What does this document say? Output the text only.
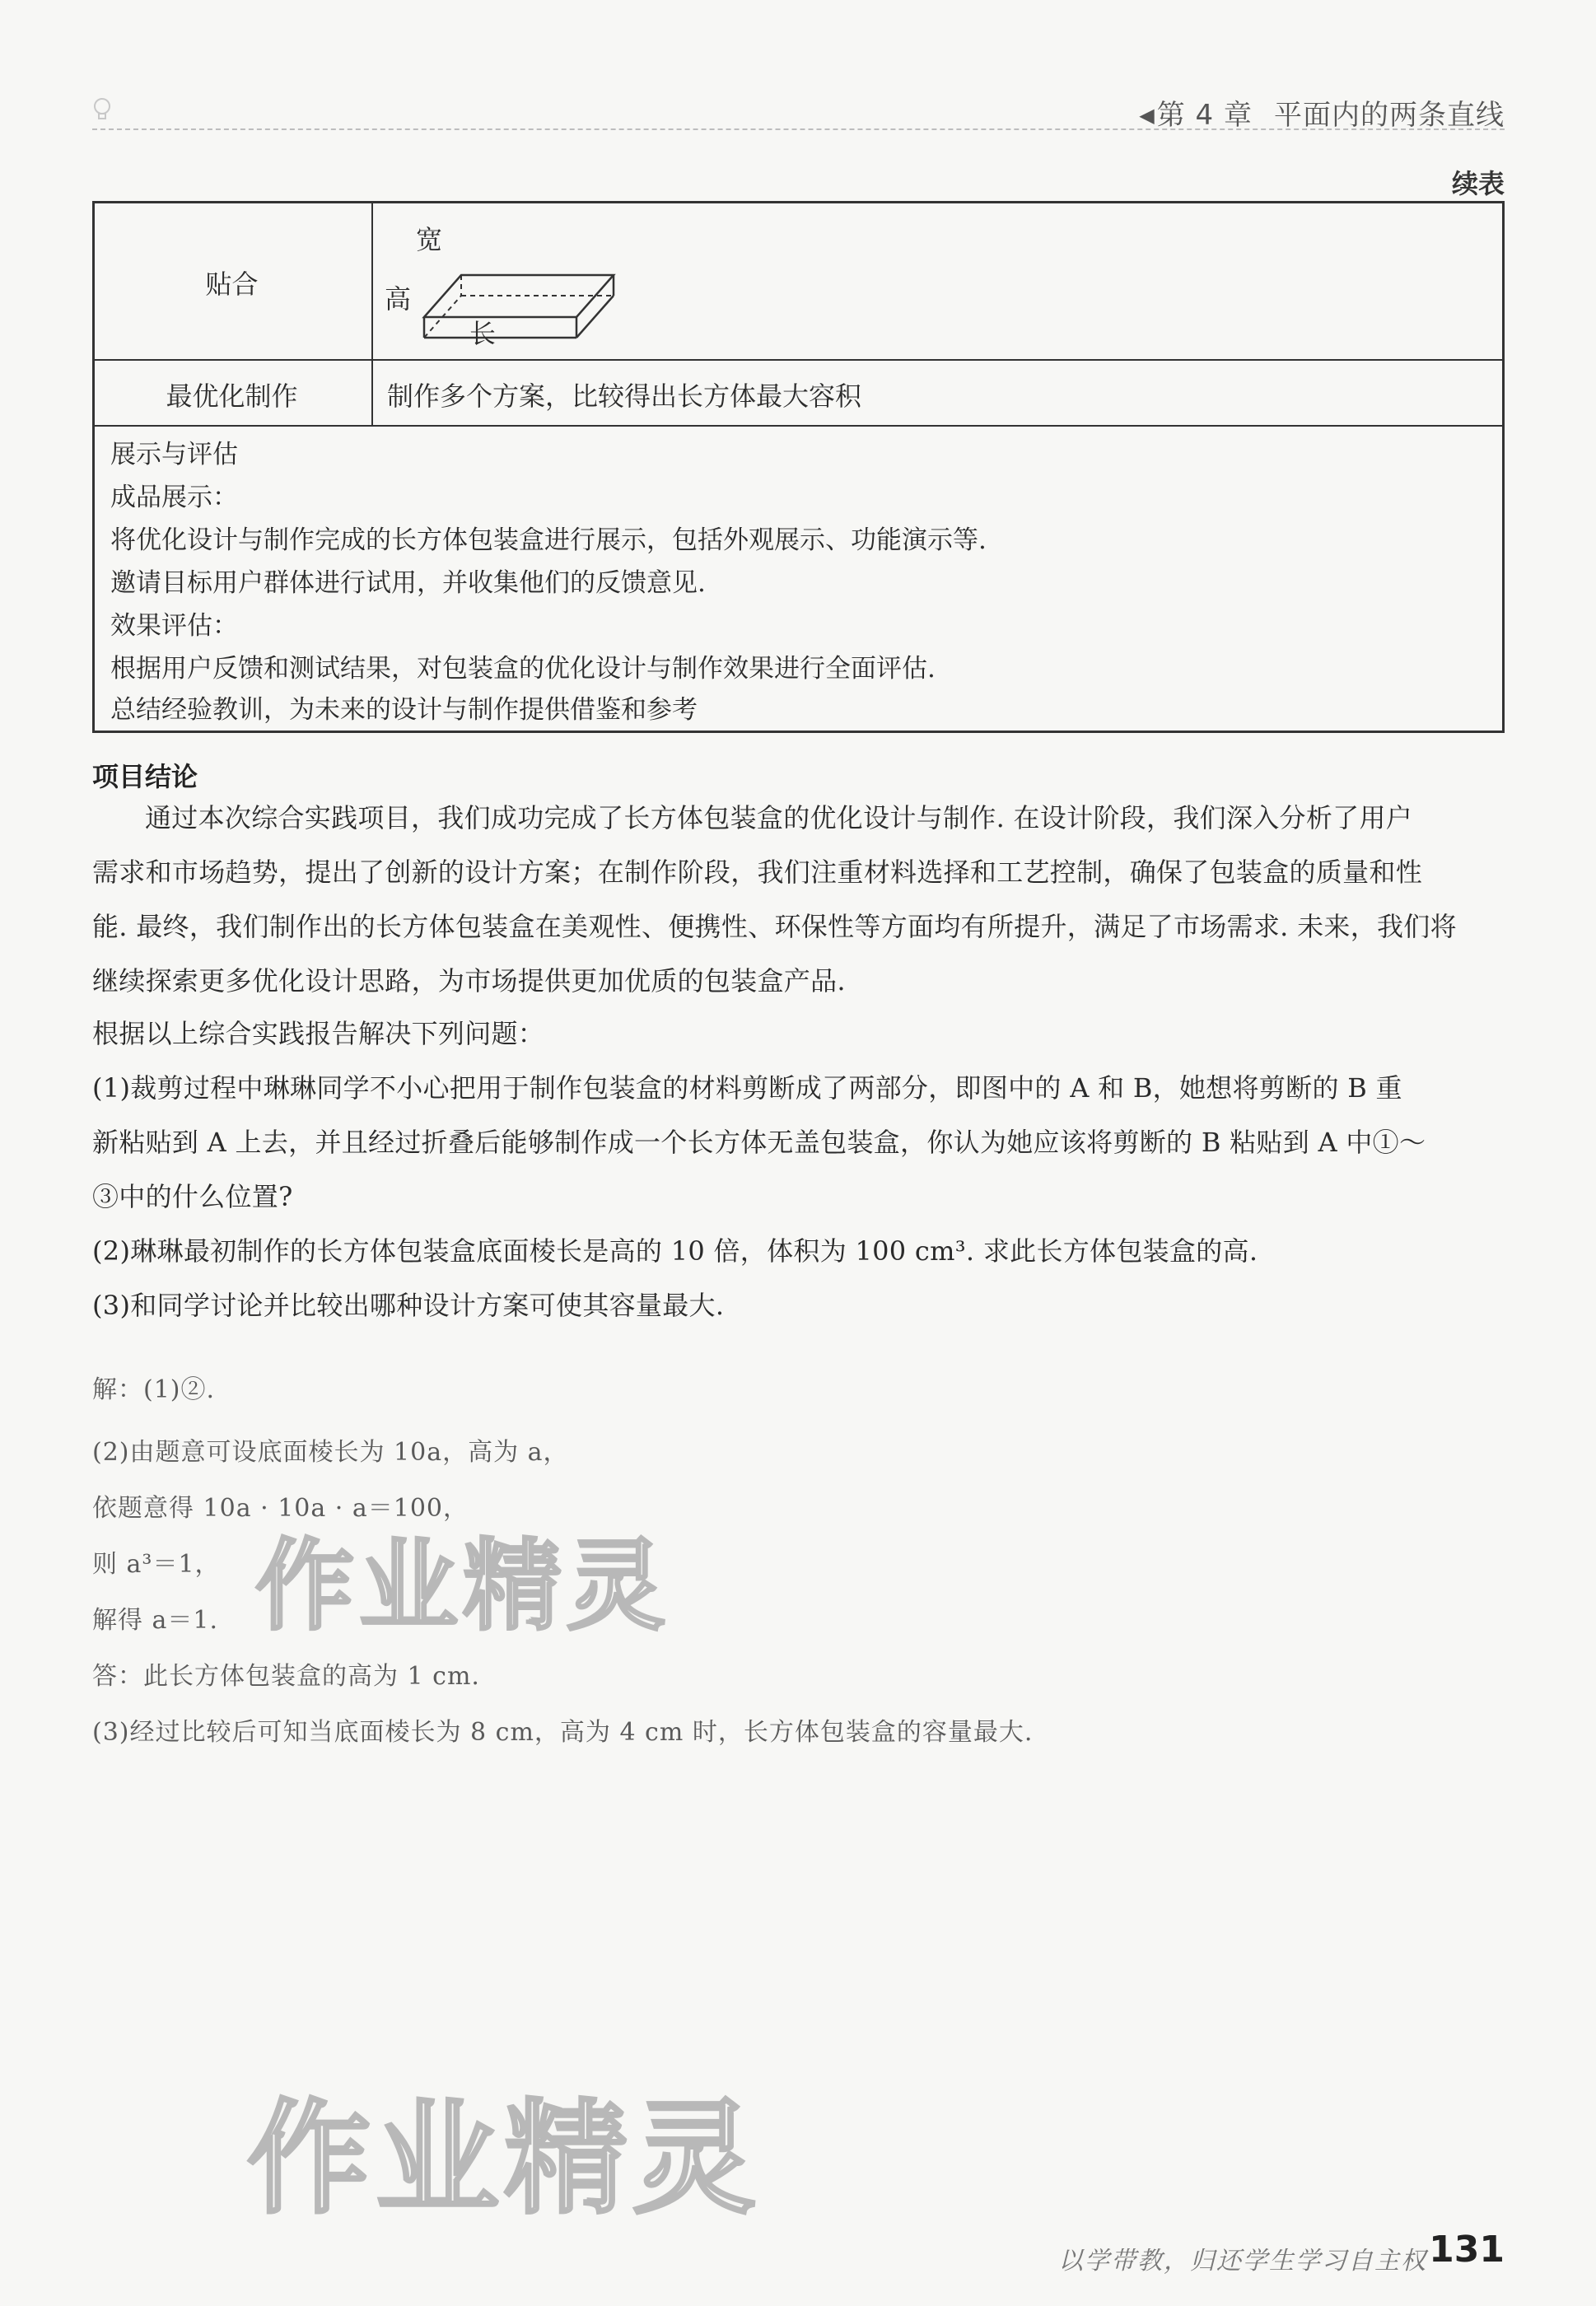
◀第 4 章 平面内的两条直线
续表
贴合
宽
高
长
最优化制作	制作多个方案，比较得出长方体最大容积
展示与评估
成品展示：
将优化设计与制作完成的长方体包装盒进行展示，包括外观展示、功能演示等.
邀请目标用户群体进行试用，并收集他们的反馈意见.
效果评估：
根据用户反馈和测试结果，对包装盒的优化设计与制作效果进行全面评估.
总结经验教训，为未来的设计与制作提供借鉴和参考
项目结论
通过本次综合实践项目，我们成功完成了长方体包装盒的优化设计与制作. 在设计阶段，我们深入分析了用户
需求和市场趋势，提出了创新的设计方案；在制作阶段，我们注重材料选择和工艺控制，确保了包装盒的质量和性
能. 最终，我们制作出的长方体包装盒在美观性、便携性、环保性等方面均有所提升，满足了市场需求. 未来，我们将
继续探索更多优化设计思路，为市场提供更加优质的包装盒产品.
根据以上综合实践报告解决下列问题：
(1)裁剪过程中琳琳同学不小心把用于制作包装盒的材料剪断成了两部分，即图中的 A 和 B，她想将剪断的 B 重
新粘贴到 A 上去，并且经过折叠后能够制作成一个长方体无盖包装盒，你认为她应该将剪断的 B 粘贴到 A 中①～
③中的什么位置?
(2)琳琳最初制作的长方体包装盒底面棱长是高的 10 倍，体积为 100 cm³. 求此长方体包装盒的高.
(3)和同学讨论并比较出哪种设计方案可使其容量最大.
解：(1)②.
(2)由题意可设底面棱长为 10a，高为 a，
依题意得 10a · 10a · a＝100，
则 a³＝1，
解得 a＝1.
答：此长方体包装盒的高为 1 cm.
(3)经过比较后可知当底面棱长为 8 cm，高为 4 cm 时，长方体包装盒的容量最大.
作业精灵
作业精灵
以学带教，归还学生学习自主权 131
